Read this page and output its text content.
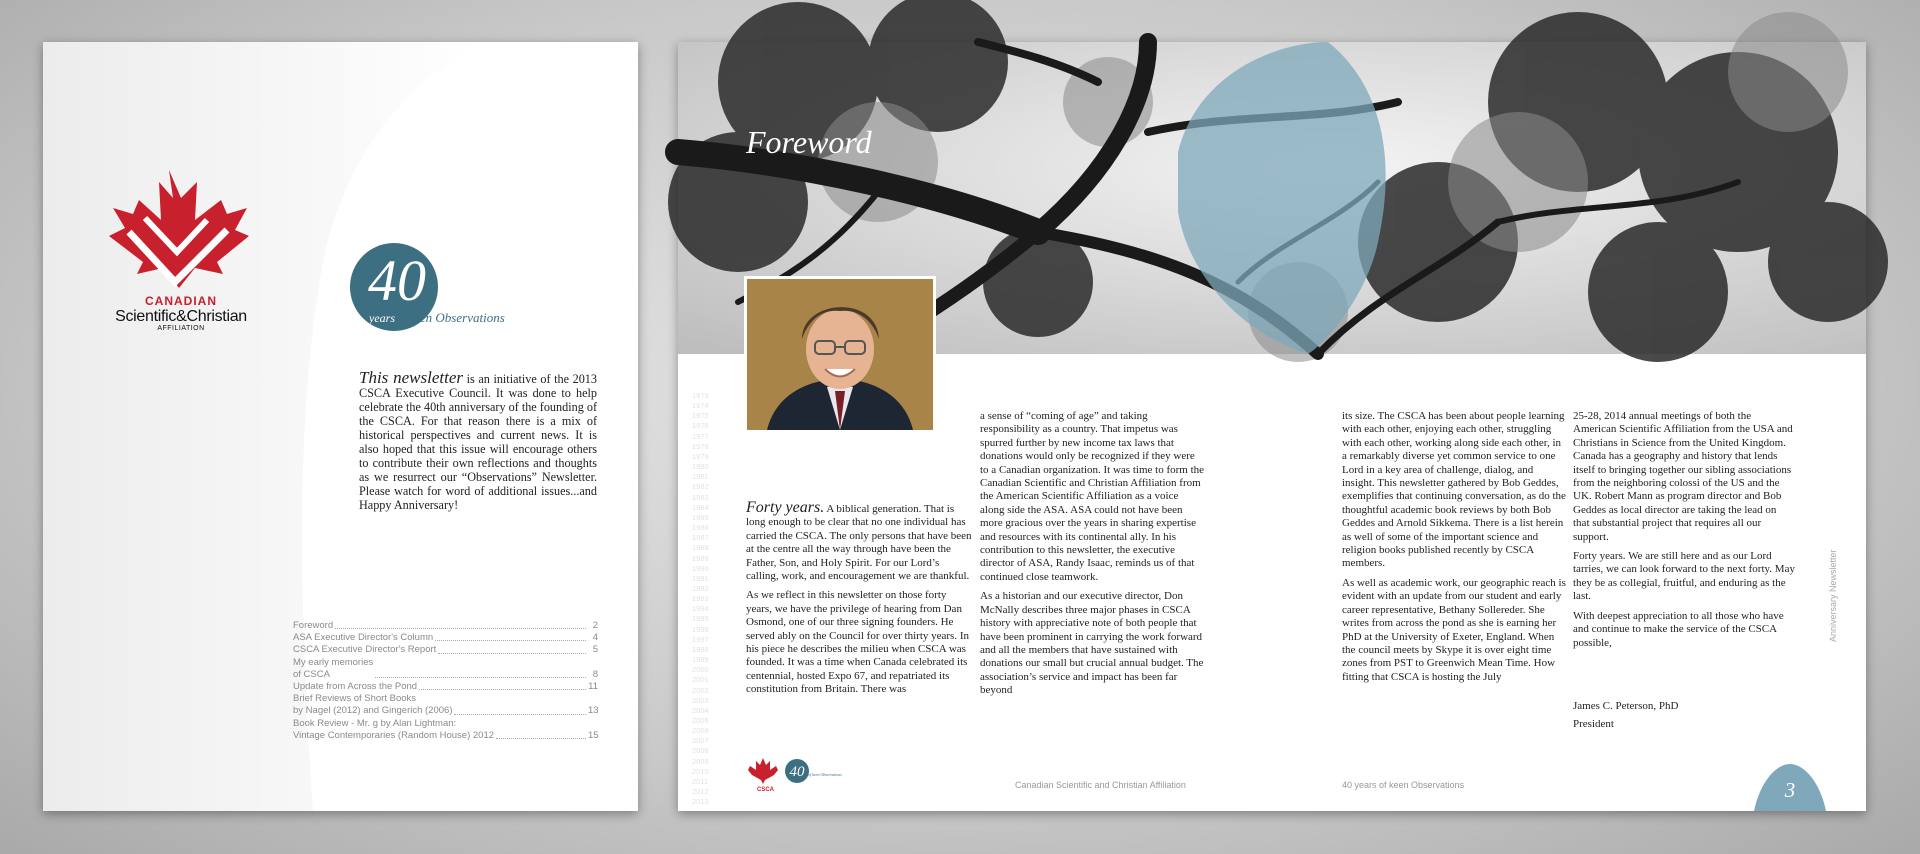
CANADIAN
Scientific&Christian
AFFILIATION
40
years of keen Observations
This newsletter is an initiative of the 2013 CSCA Executive Council. It was done to help celebrate the 40th anniversary of the founding of the CSCA. For that reason there is a mix of historical perspectives and current news. It is also hoped that this issue will encourage others to contribute their own reflections and thoughts as we resurrect our “Observations” Newsletter. Please watch for word of additional issues...and Happy Anniversary!
Foreword	2
ASA Executive Director's Column	4
CSCA Executive Director's Report	5
My early memories
of CSCA	8
Update from Across the Pond	11
Brief Reviews of Short Books
by Nagel (2012) and Gingerich (2006)	13
Book Review - Mr. g by Alan Lightman:
Vintage Contemporaries (Random House) 2012	15
Foreword
1973
1974
1975
1976
1977
1978
1979
1980
1981
1982
1983
1984
1985
1986
1987
1988
1989
1990
1991
1992
1993
1994
1995
1996
1997
1998
1999
2000
2001
2002
2003
2004
2005
2006
2007
2008
2009
2010
2011
2012
2013

Forty years. A biblical generation. That is long enough to be clear that no one individual has carried the CSCA. The only persons that have been at the centre all the way through have been the Father, Son, and Holy Spirit. For our Lord’s calling, work, and encouragement we are thankful.

As we reflect in this newsletter on those forty years, we have the privilege of hearing from Dan Osmond, one of our three signing founders. He served ably on the Council for over thirty years. In his piece he describes the milieu when CSCA was founded. It was a time when Canada celebrated its centennial, hosted Expo 67, and repatriated its constitution from Britain. There was

a sense of “coming of age” and taking responsibility as a country. That impetus was spurred further by new income tax laws that donations would only be recognized if they were to a Canadian organization. It was time to form the Canadian Scientific and Christian Affiliation from the American Scientific Affiliation as a voice along side the ASA. ASA could not have been more gracious over the years in sharing expertise and resources with its continental ally. In his contribution to this newsletter, the executive director of ASA, Randy Isaac, reminds us of that continued close teamwork.

As a historian and our executive director, Don McNally describes three major phases in CSCA history with appreciative note of both people that have been prominent in carrying the work forward and all the members that have sustained with donations our small but crucial annual budget. The association’s service and impact has been far beyond

its size. The CSCA has been about people learning with each other, enjoying each other, struggling with each other, working along side each other, in a remarkably diverse yet common service to one Lord in a key area of challenge, dialog, and insight. This newsletter gathered by Bob Geddes, exemplifies that continuing conversation, as do the thoughtful academic book reviews by both Bob Geddes and Arnold Sikkema. There is a list herein as well of some of the important science and religion books published recently by CSCA members.

As well as academic work, our geographic reach is evident with an update from our student and early career representative, Bethany Sollereder. She writes from across the pond as she is earning her PhD at the University of Exeter, England. When the council meets by Skype it is over eight time zones from PST to Greenwich Mean Time. How fitting that CSCA is hosting the July

25-28, 2014 annual meetings of both the American Scientific Affiliation from the USA and Christians in Science from the United Kingdom. Canada has a geography and history that lends itself to bringing together our sibling associations from the neighboring colossi of the US and the UK. Robert Mann as program director and Bob Geddes as local director are taking the lead on that substantial project that requires all our support.

Forty years. We are still here and as our Lord tarries, we can look forward to the next forty. May they be as collegial, fruitful, and enduring as the last.

With deepest appreciation to all those who have and continue to make the service of the CSCA possible,

James C. Peterson, PhD
President
40 of keen Observations
CSCA	Canadian Scientific and Christian Affiliation	40 years of keen Observations
Anniversary Newsletter
3
